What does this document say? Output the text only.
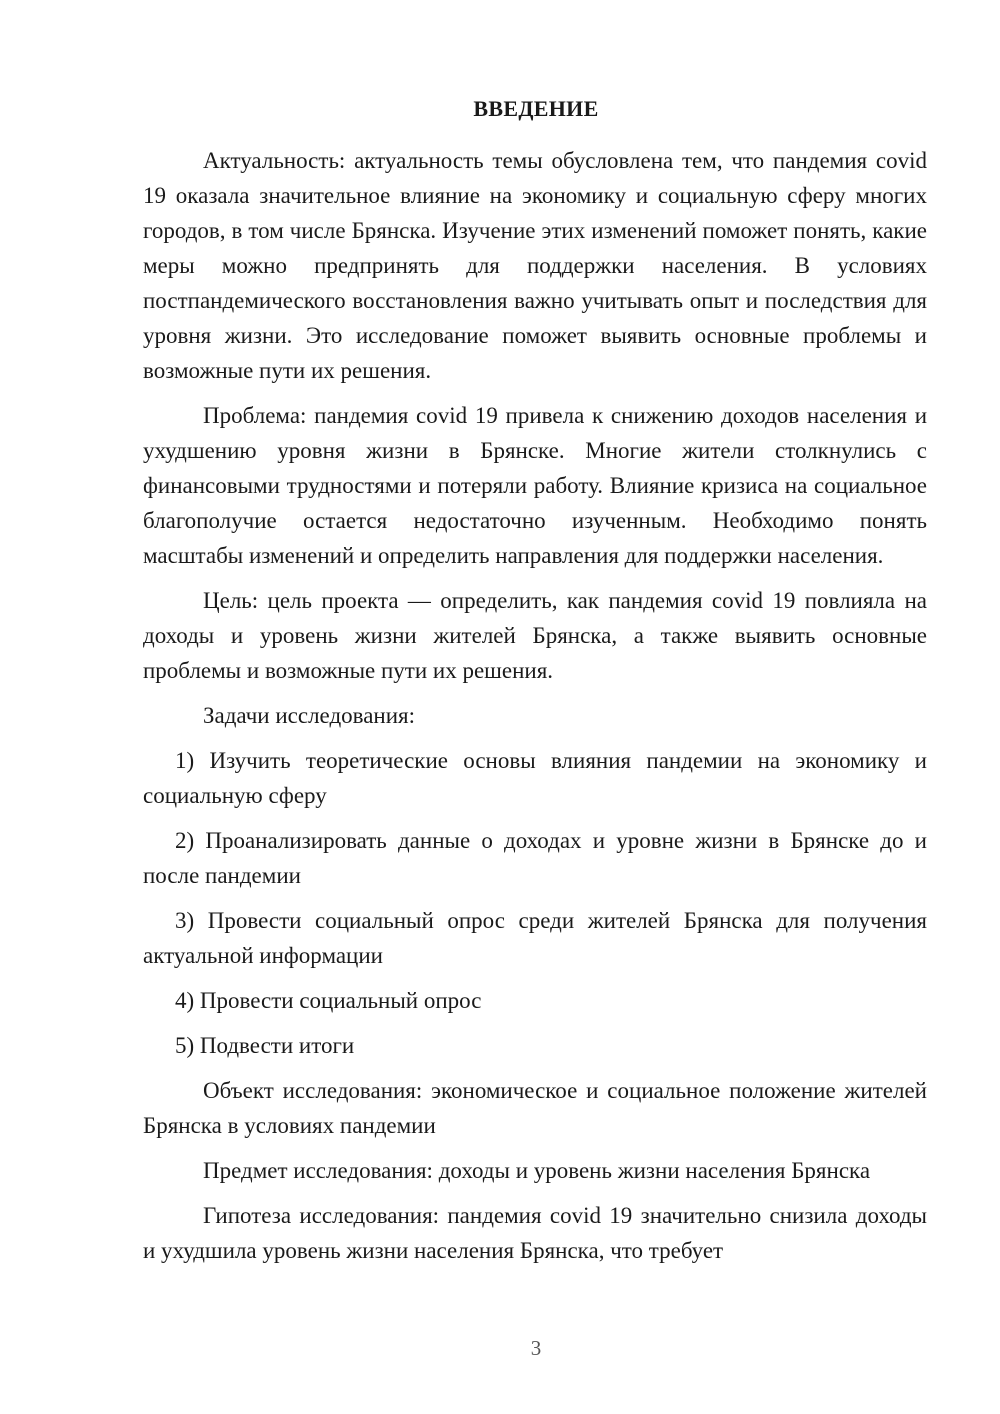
ВВЕДЕНИЕ

Актуальность: актуальность темы обусловлена тем, что пандемия covid 19 оказала значительное влияние на экономику и социальную сферу многих городов, в том числе Брянска. Изучение этих изменений поможет понять, какие меры можно предпринять для поддержки населения. В условиях постпандемического восстановления важно учитывать опыт и последствия для уровня жизни. Это исследование поможет выявить основные проблемы и возможные пути их решения.

Проблема: пандемия covid 19 привела к снижению доходов населения и ухудшению уровня жизни в Брянске. Многие жители столкнулись с финансовыми трудностями и потеряли работу. Влияние кризиса на социальное благополучие остается недостаточно изученным. Необходимо понять масштабы изменений и определить направления для поддержки населения.

Цель: цель проекта — определить, как пандемия covid 19 повлияла на доходы и уровень жизни жителей Брянска, а также выявить основные проблемы и возможные пути их решения.

Задачи исследования:

1) Изучить теоретические основы влияния пандемии на экономику и социальную сферу

2) Проанализировать данные о доходах и уровне жизни в Брянске до и после пандемии

3) Провести социальный опрос среди жителей Брянска для получения актуальной информации

4) Провести социальный опрос

5) Подвести итоги

Объект исследования: экономическое и социальное положение жителей Брянска в условиях пандемии

Предмет исследования: доходы и уровень жизни населения Брянска

Гипотеза исследования: пандемия covid 19 значительно снизила доходы и ухудшила уровень жизни населения Брянска, что требует

3
